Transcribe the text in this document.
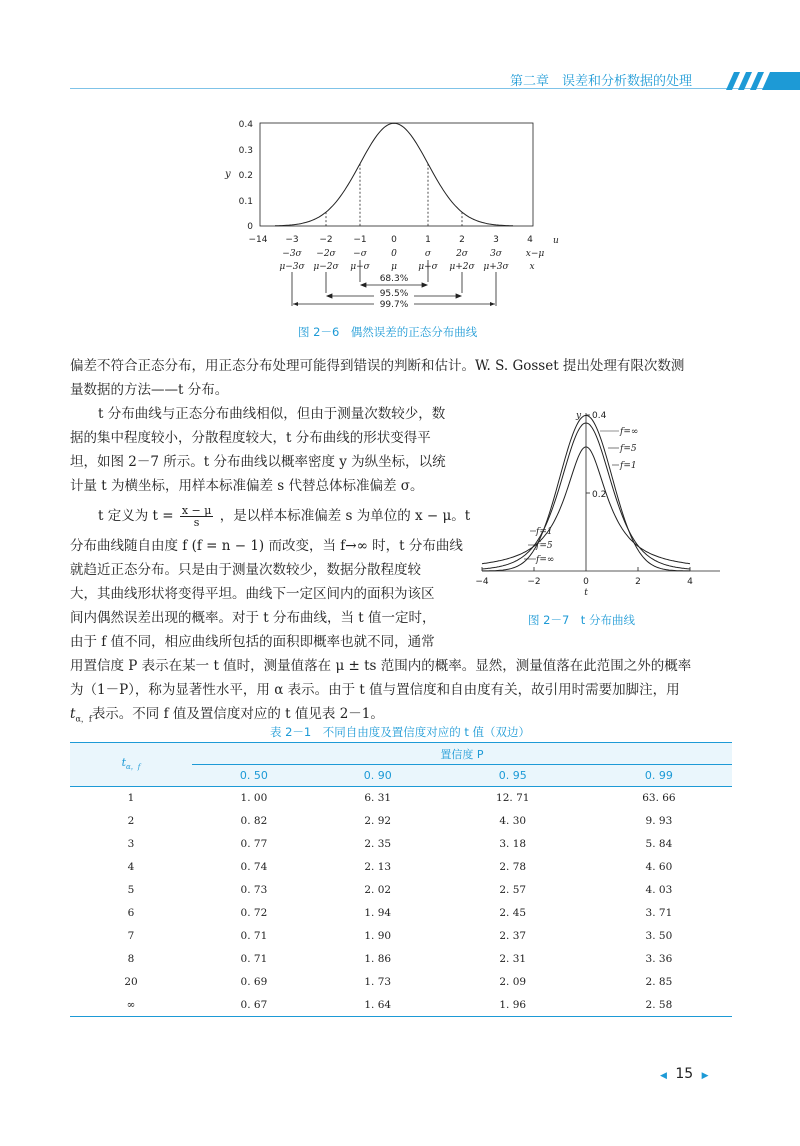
第二章　误差和分析数据的处理
0.4
0.3
0.2
0.1
0
y
−14 −3 −2 −1	0	1	2	3	4 u
−3σ −2σ −σ	0	σ	2σ 3σ	x−μ
μ−3σ μ−2σ μ−σ μ μ+σ μ+2σ μ+3σ x
68.3%
95.5%
99.7%
图 2－6　偶然误差的正态分布曲线
偏差不符合正态分布，用正态分布处理可能得到错误的判断和估计。W. S. Gosset 提出处理有限次数测
量数据的方法——t 分布。
t 分布曲线与正态分布曲线相似，但由于测量次数较少，数
据的集中程度较小，分散程度较大，t 分布曲线的形状变得平
坦，如图 2－7 所示。t 分布曲线以概率密度 y 为纵坐标，以统
计量 t 为横坐标，用样本标准偏差 s 代替总体标准偏差 σ。
t 定义为 $t = \frac{x - \mu}{s}$ ，是以样本标准偏差 s 为单位的 x − μ。t
分布曲线随自由度 f (f = n − 1) 而改变，当 f→∞ 时，t 分布曲线
就趋近正态分布。只是由于测量次数较少，数据分散程度较
大，其曲线形状将变得平坦。曲线下一定区间内的面积为该区
间内偶然误差出现的概率。对于 t 分布曲线，当 t 值一定时，
由于 f 值不同，相应曲线所包括的面积即概率也就不同，通常
用置信度 P 表示在某一 t 值时，测量值落在 μ ± ts 范围内的概率。显然，测量值落在此范围之外的概率
为（1－P），称为显著性水平，用 α 表示。由于 t 值与置信度和自由度有关，故引用时需要加脚注，用
$t_{\alpha,f}$表示。不同 f 值及置信度对应的 t 值见表 2－1。
0.4
0.2
y
−4	−2	0	2	4
t
f=∞
f=5
f=1
f=1
f=5
f=∞
图 2－7　t 分布曲线
表 2－1　不同自由度及置信度对应的 t 值（双边）
$t_{\alpha,f}$	置信度 P			
	0. 50	0. 90	0. 95	0. 99
1	1. 00	6. 31	12. 71	63. 66
2	0. 82	2. 92	4. 30	9. 93
3	0. 77	2. 35	3. 18	5. 84
4	0. 74	2. 13	2. 78	4. 60
5	0. 73	2. 02	2. 57	4. 03
6	0. 72	1. 94	2. 45	3. 71
7	0. 71	1. 90	2. 37	3. 50
8	0. 71	1. 86	2. 31	3. 36
20	0. 69	1. 73	2. 09	2. 85
∞	0. 67	1. 64	1. 96	2. 58
◀ 15 ▶
